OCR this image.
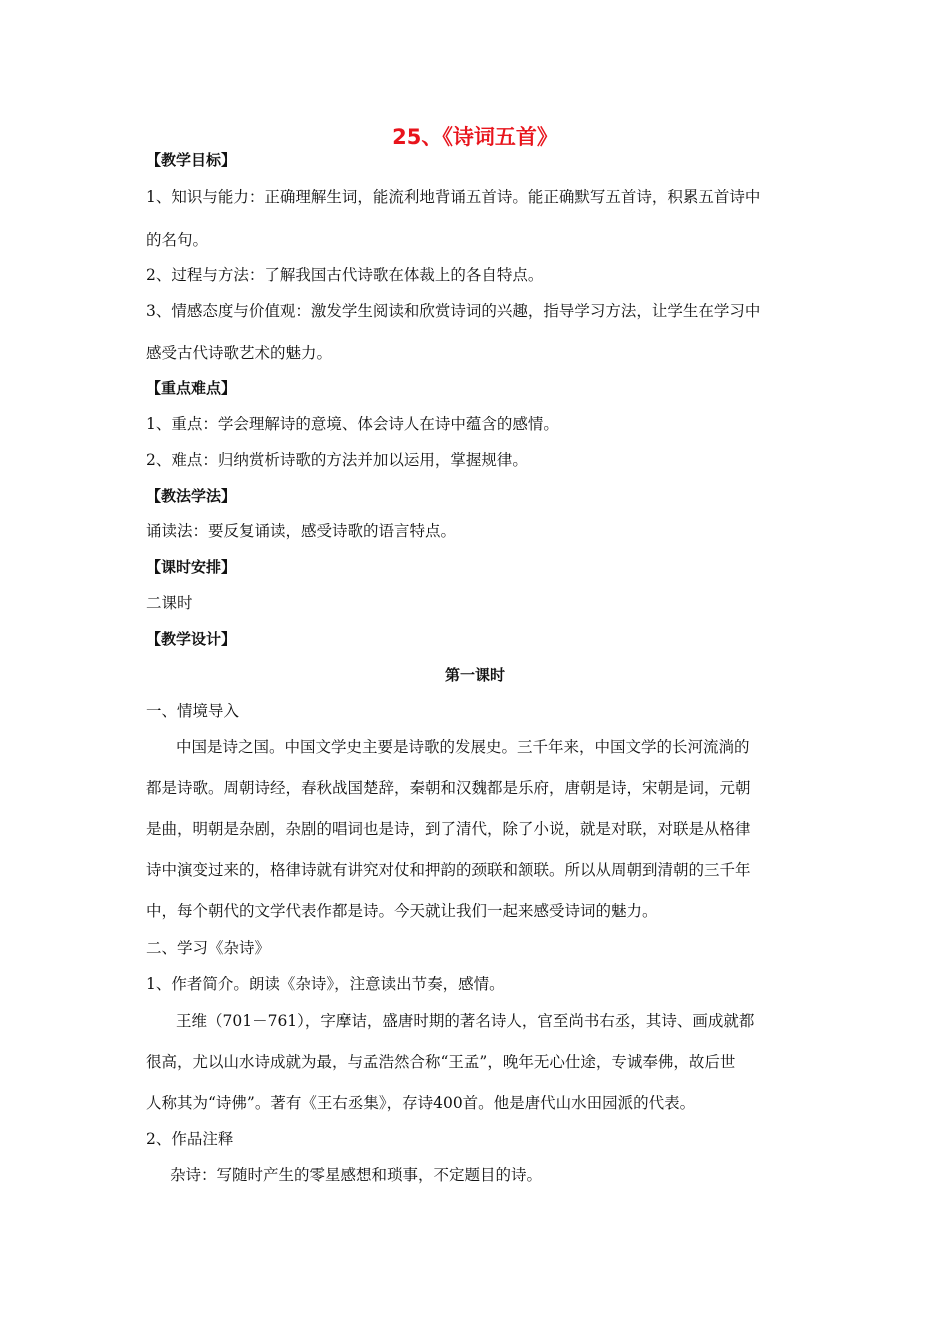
25、《诗词五首》
【教学目标】
1、知识与能力：正确理解生词，能流利地背诵五首诗。能正确默写五首诗，积累五首诗中
的名句。
2、过程与方法：了解我国古代诗歌在体裁上的各自特点。
3、情感态度与价值观：激发学生阅读和欣赏诗词的兴趣，指导学习方法，让学生在学习中
感受古代诗歌艺术的魅力。
【重点难点】
1、重点：学会理解诗的意境、体会诗人在诗中蕴含的感情。
2、难点：归纳赏析诗歌的方法并加以运用，掌握规律。
【教法学法】
诵读法：要反复诵读，感受诗歌的语言特点。
【课时安排】
二课时
【教学设计】
第一课时
一、情境导入
中国是诗之国。中国文学史主要是诗歌的发展史。三千年来，中国文学的长河流淌的
都是诗歌。周朝诗经，春秋战国楚辞，秦朝和汉魏都是乐府，唐朝是诗，宋朝是词，元朝
是曲，明朝是杂剧，杂剧的唱词也是诗，到了清代，除了小说，就是对联，对联是从格律
诗中演变过来的，格律诗就有讲究对仗和押韵的颈联和颔联。所以从周朝到清朝的三千年
中，每个朝代的文学代表作都是诗。今天就让我们一起来感受诗词的魅力。
二、学习《杂诗》
1、作者简介。朗读《杂诗》，注意读出节奏，感情。
王维（701－761），字摩诘，盛唐时期的著名诗人，官至尚书右丞，其诗、画成就都
很高，尤以山水诗成就为最，与孟浩然合称“王孟”，晚年无心仕途，专诚奉佛，故后世
人称其为“诗佛”。著有《王右丞集》，存诗400首。他是唐代山水田园派的代表。
2、作品注释
杂诗：写随时产生的零星感想和琐事，不定题目的诗。
